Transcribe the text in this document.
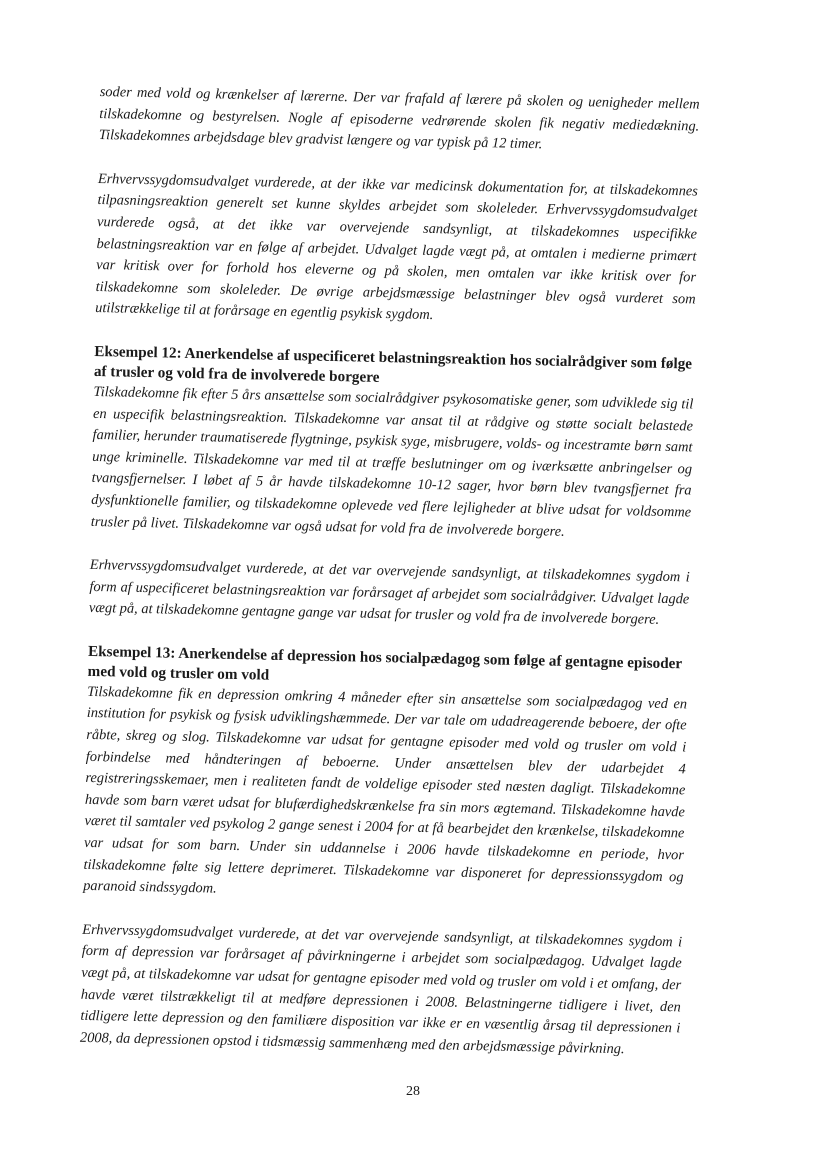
soder med vold og krænkelser af lærerne. Der var frafald af lærere på skolen og uenigheder mellem tilskadekomne og bestyrelsen. Nogle af episoderne vedrørende skolen fik negativ mediedækning. Tilskadekomnes arbejdsdage blev gradvist længere og var typisk på 12 timer.

Erhvervssygdomsudvalget vurderede, at der ikke var medicinsk dokumentation for, at tilskadekomnes tilpasningsreaktion generelt set kunne skyldes arbejdet som skoleleder. Erhvervssygdomsudvalget vurderede også, at det ikke var overvejende sandsynligt, at tilskadekomnes uspecifikke belastningsreaktion var en følge af arbejdet. Udvalget lagde vægt på, at omtalen i medierne primært var kritisk over for forhold hos eleverne og på skolen, men omtalen var ikke kritisk over for tilskadekomne som skoleleder. De øvrige arbejdsmæssige belastninger blev også vurderet som utilstrækkelige til at forårsage en egentlig psykisk sygdom.

Eksempel 12: Anerkendelse af uspecificeret belastningsreaktion hos socialrådgiver som følge af trusler og vold fra de involverede borgere

Tilskadekomne fik efter 5 års ansættelse som socialrådgiver psykosomatiske gener, som udviklede sig til en uspecifik belastningsreaktion. Tilskadekomne var ansat til at rådgive og støtte socialt belastede familier, herunder traumatiserede flygtninge, psykisk syge, misbrugere, volds- og incestramte børn samt unge kriminelle. Tilskadekomne var med til at træffe beslutninger om og iværksætte anbringelser og tvangsfjernelser. I løbet af 5 år havde tilskadekomne 10-12 sager, hvor børn blev tvangsfjernet fra dysfunktionelle familier, og tilskadekomne oplevede ved flere lejligheder at blive udsat for voldsomme trusler på livet. Tilskadekomne var også udsat for vold fra de involverede borgere.

Erhvervssygdomsudvalget vurderede, at det var overvejende sandsynligt, at tilskadekomnes sygdom i form af uspecificeret belastningsreaktion var forårsaget af arbejdet som socialrådgiver. Udvalget lagde vægt på, at tilskadekomne gentagne gange var udsat for trusler og vold fra de involverede borgere.

Eksempel 13: Anerkendelse af depression hos socialpædagog som følge af gentagne episoder med vold og trusler om vold

Tilskadekomne fik en depression omkring 4 måneder efter sin ansættelse som socialpædagog ved en institution for psykisk og fysisk udviklingshæmmede. Der var tale om udadreagerende beboere, der ofte råbte, skreg og slog. Tilskadekomne var udsat for gentagne episoder med vold og trusler om vold i forbindelse med håndteringen af beboerne. Under ansættelsen blev der udarbejdet 4 registreringsskemaer, men i realiteten fandt de voldelige episoder sted næsten dagligt. Tilskadekomne havde som barn været udsat for blufærdighedskrænkelse fra sin mors ægtemand. Tilskadekomne havde været til samtaler ved psykolog 2 gange senest i 2004 for at få bearbejdet den krænkelse, tilskadekomne var udsat for som barn. Under sin uddannelse i 2006 havde tilskadekomne en periode, hvor tilskadekomne følte sig lettere deprimeret. Tilskadekomne var disponeret for depressionssygdom og paranoid sindssygdom.

Erhvervssygdomsudvalget vurderede, at det var overvejende sandsynligt, at tilskadekomnes sygdom i form af depression var forårsaget af påvirkningerne i arbejdet som socialpædagog. Udvalget lagde vægt på, at tilskadekomne var udsat for gentagne episoder med vold og trusler om vold i et omfang, der havde været tilstrækkeligt til at medføre depressionen i 2008. Belastningerne tidligere i livet, den tidligere lette depression og den familiære disposition var ikke er en væsentlig årsag til depressionen i 2008, da depressionen opstod i tidsmæssig sammenhæng med den arbejdsmæssige påvirkning.

28
